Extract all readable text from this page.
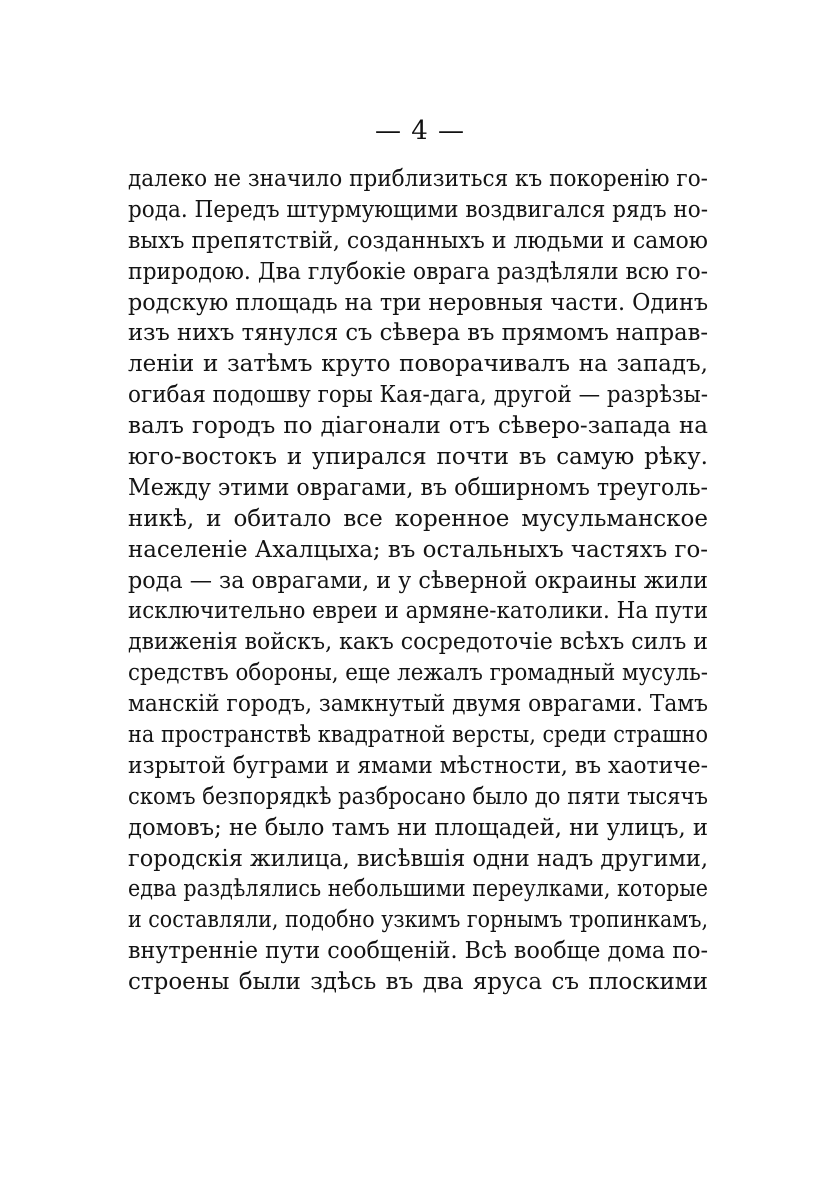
— 4 —
далеко не значило приблизиться къ покоренію го-
рода. Передъ штурмующими воздвигался рядъ но-
выхъ препятствій, созданныхъ и людьми и самою
природою. Два глубокіе оврага раздѣляли всю го-
родскую площадь на три неровныя части. Одинъ
изъ нихъ тянулся съ сѣвера въ прямомъ направ-
леніи и затѣмъ круто поворачивалъ на западъ,
огибая подошву горы Кая-дага, другой — разрѣзы-
валъ городъ по діагонали отъ сѣверо-запада на
юго-востокъ и упирался почти въ самую рѣку.
Между этими оврагами, въ обширномъ треуголь-
никѣ, и обитало все коренное мусульманское
населеніе Ахалцыха; въ остальныхъ частяхъ го-
рода — за оврагами, и у сѣверной окраины жили
исключительно евреи и армяне-католики. На пути
движенія войскъ, какъ сосредоточіе всѣхъ силъ и
средствъ обороны, еще лежалъ громадный мусуль-
манскій городъ, замкнутый двумя оврагами. Тамъ
на пространствѣ квадратной версты, среди страшно
изрытой буграми и ямами мѣстности, въ хаотиче-
скомъ безпорядкѣ разбросано было до пяти тысячъ
домовъ; не было тамъ ни площадей, ни улицъ, и
городскія жилица, висѣвшія одни надъ другими,
едва раздѣлялись небольшими переулками, которые
и составляли, подобно узкимъ горнымъ тропинкамъ,
внутренніе пути сообщеній. Всѣ вообще дома по-
строены были здѣсь въ два яруса съ плоскими
